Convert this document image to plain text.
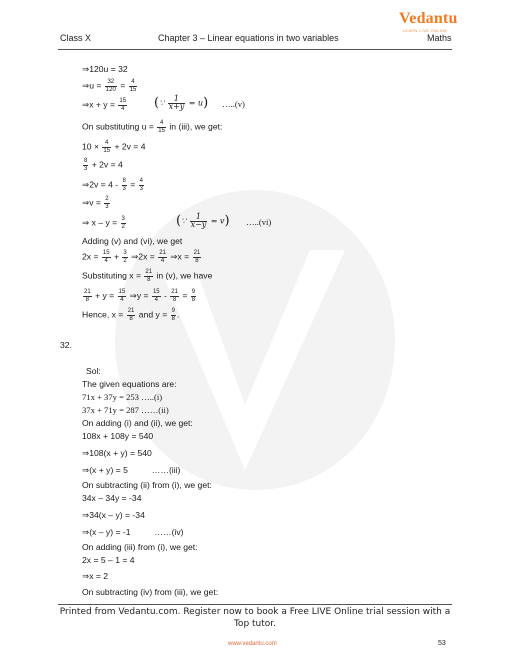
Vedantu
LEARN LIVE ONLINE
Class X	Chapter 3 – Linear equations in two variables	Maths
⇒120u = 32
⇒u = $\frac{32}{120} = \frac{4}{15}$
⇒x + $y = \frac{15}{4}$ (∵ $\frac{1}{x+y} = u$) …..(v)
On substituting $u = \frac{4}{15}$ in (iii), we get:
$10 \times \frac{4}{15} + 2v = 4$
$\frac{8}{3} + 2v = 4$
⇒2v = $4 - \frac{8}{3} = \frac{4}{3}$
⇒v = $\frac{2}{3}$
⇒ $x - y = \frac{3}{2}$	(∵ $\frac{1}{x-y} = v$) …..(vi)
Adding (v) and (vi), we get
$2x = \frac{15}{4} + \frac{3}{2}$ ⇒2x = $\frac{21}{4}$ ⇒x = $\frac{21}{8}$
Substituting $x = \frac{21}{8}$ in (v), we have
$\frac{21}{8} + y = \frac{15}{4}$ ⇒y = $\frac{15}{4} - \frac{21}{8} = \frac{9}{8}$
Hence, $x = \frac{21}{8}$ and $y = \frac{9}{8}$ .
32.
Sol:
The given equations are:
71x + 37y = 253 …..(i)
37x + 71y = 287 ……(ii)
On adding (i) and (ii), we get:
108x + 108y = 540
⇒108(x + y) = 540
⇒(x + y) = 5          ……(iii)
On subtracting (ii) from (i), we get:
34x – 34y = -34
⇒34(x – y) = -34
⇒(x – y) = -1          ……(iv)
On adding (iii) from (i), we get:
2x = 5 – 1 = 4
⇒x = 2
On subtracting (iv) from (iii), we get:
Printed from Vedantu.com. Register now to book a Free LIVE Online trial session with a
Top tutor.
www.vedantu.com	53
